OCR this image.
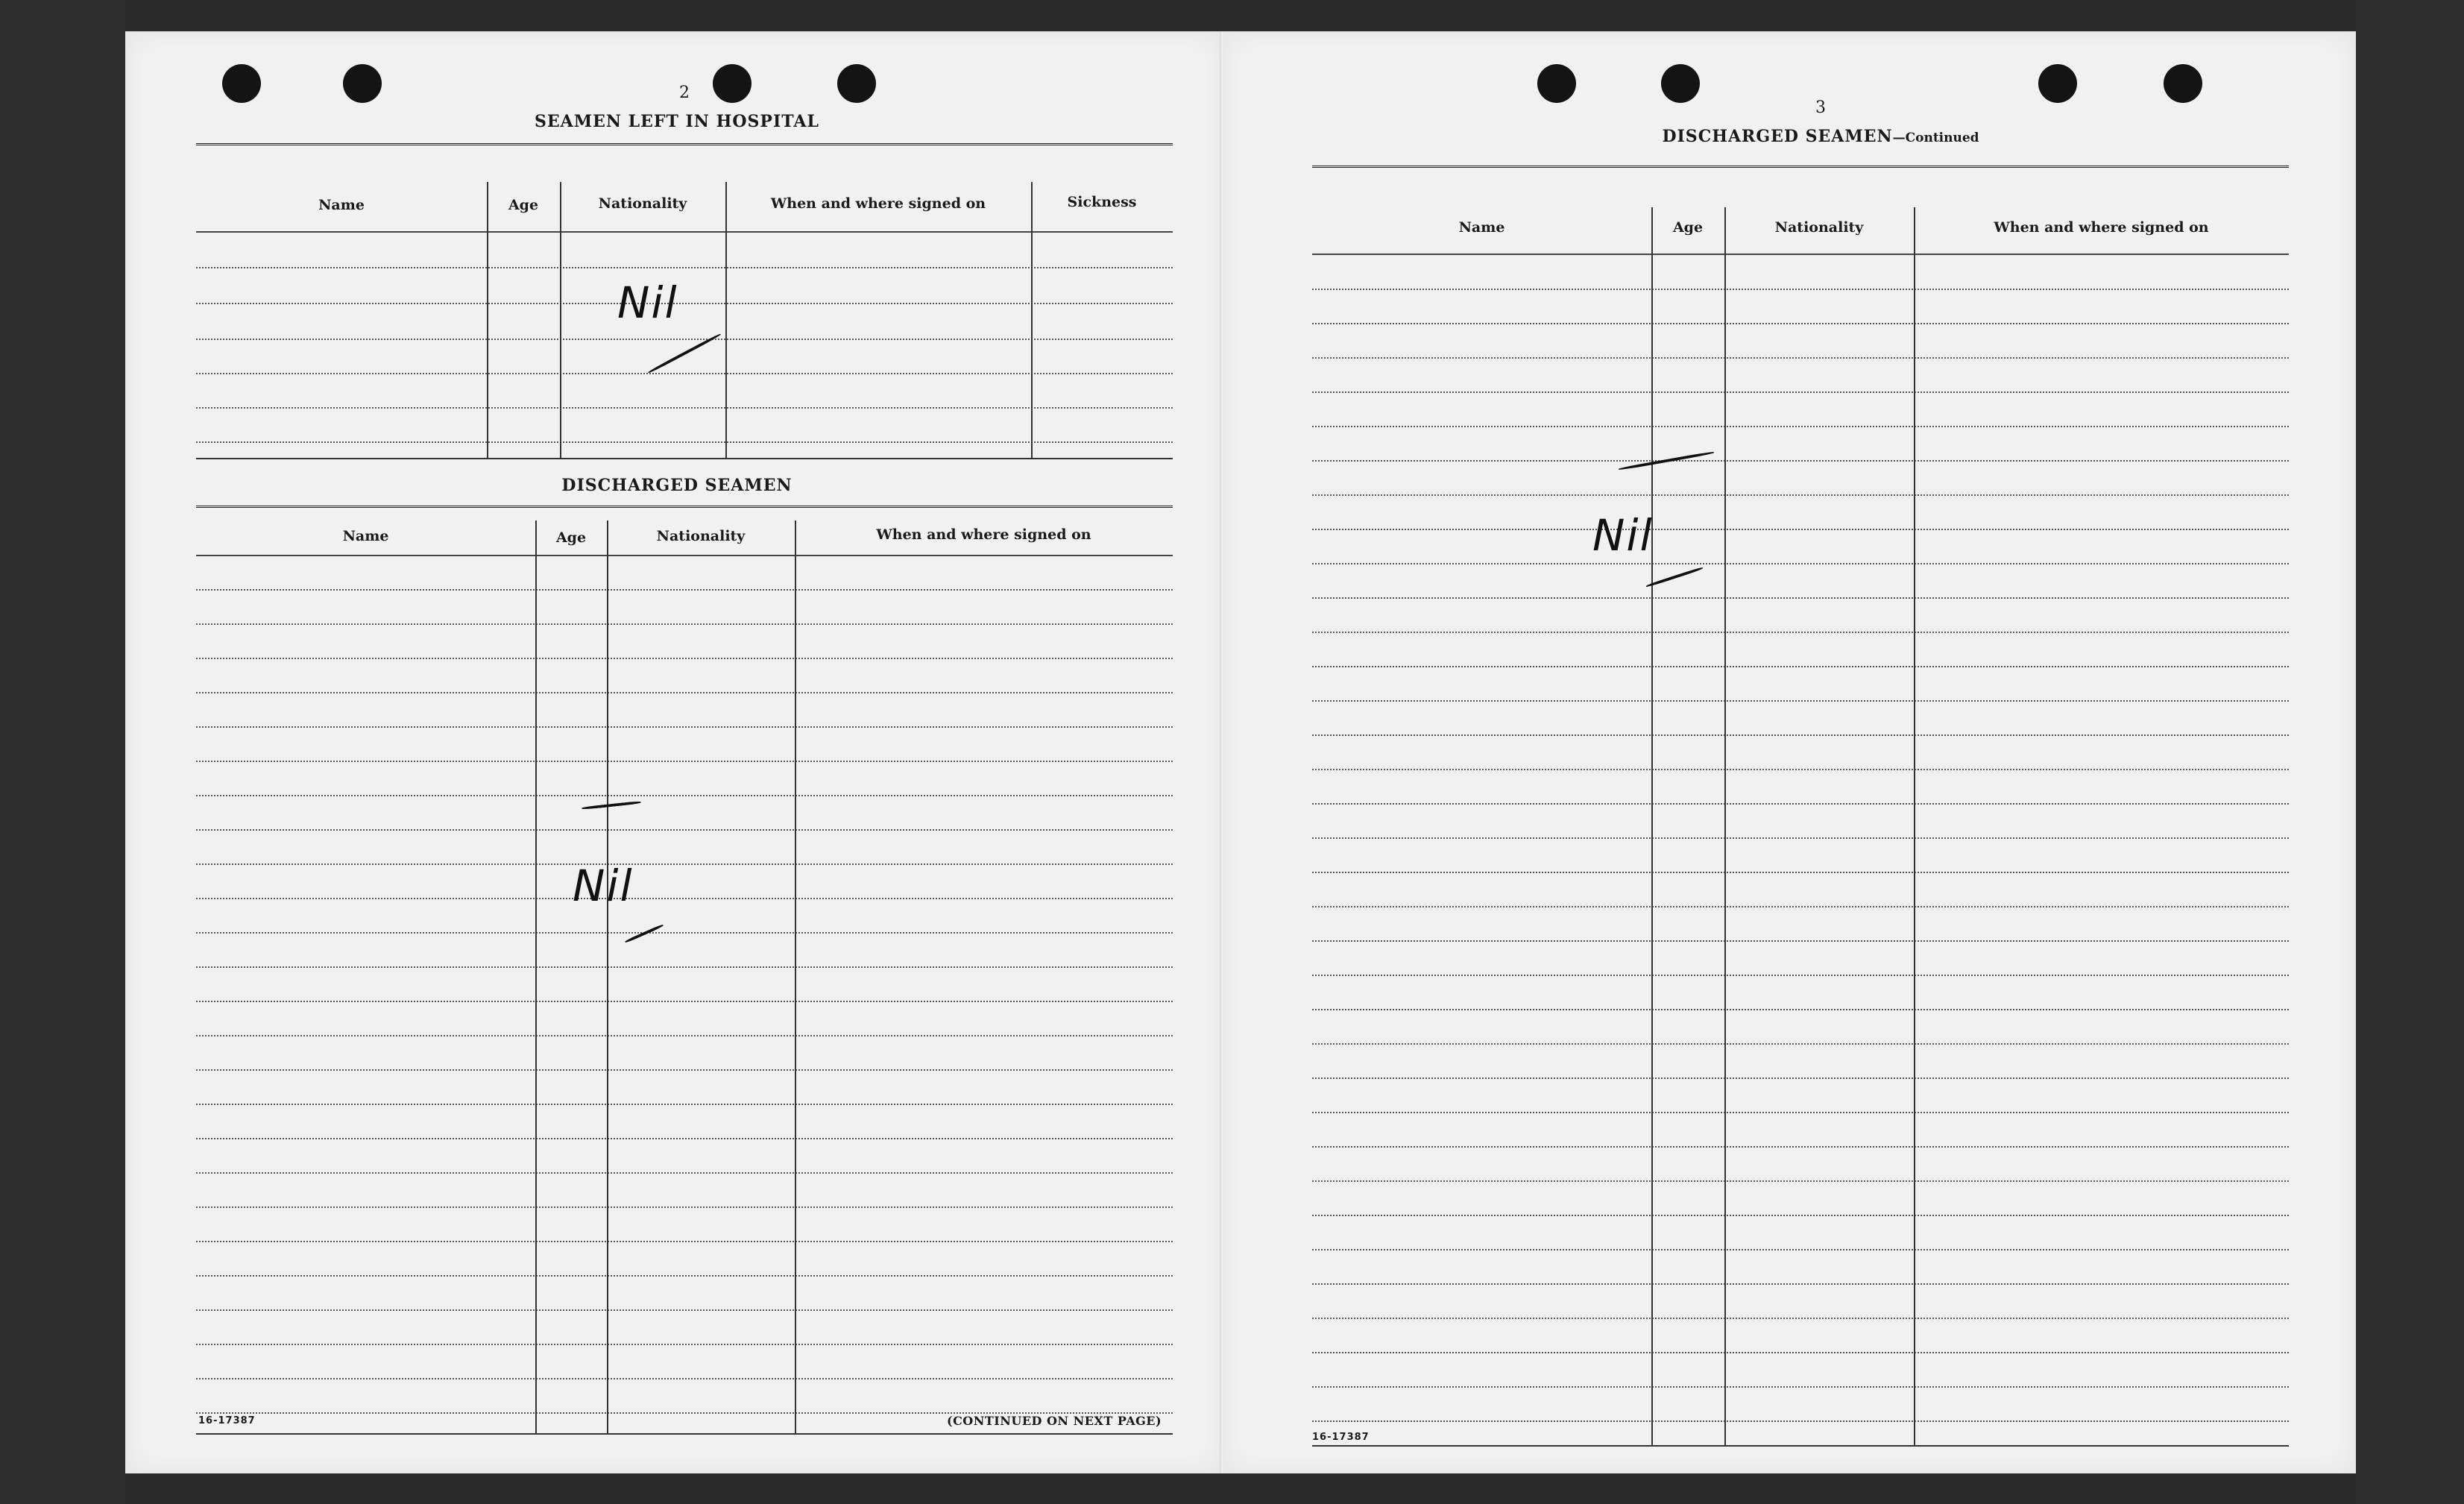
2
SEAMEN LEFT IN HOSPITAL
Name	Age	Nationality	When and where signed on	Sickness
Nil
DISCHARGED SEAMEN
Name	Age	Nationality	When and where signed on
Nil
16-17387	(CONTINUED ON NEXT PAGE)
3
DISCHARGED SEAMEN—Continued
Name	Age	Nationality	When and where signed on
Nil
16-17387
